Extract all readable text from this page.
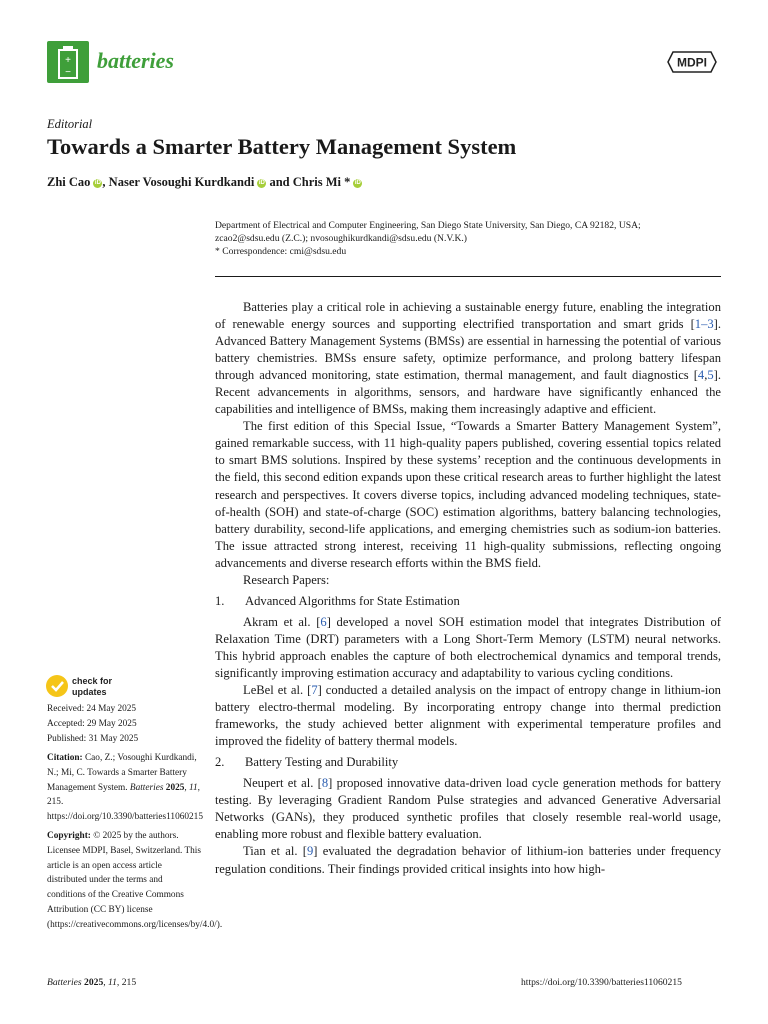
+
− batteries	MDPI
Editorial
Towards a Smarter Battery Management System
Zhi Cao iD , Naser Vosoughi Kurdkandi iD and Chris Mi * iD
Department of Electrical and Computer Engineering, San Diego State University, San Diego, CA 92182, USA;
zcao2@sdsu.edu (Z.C.); nvosoughikurdkandi@sdsu.edu (N.V.K.)
* Correspondence: cmi@sdsu.edu

Batteries play a critical role in achieving a sustainable energy future, enabling the integration of renewable energy sources and supporting electrified transportation and smart grids [1–3]. Advanced Battery Management Systems (BMSs) are essential in harnessing the potential of various battery chemistries. BMSs ensure safety, optimize performance, and prolong battery lifespan through advanced monitoring, state estimation, thermal management, and fault diagnostics [4,5]. Recent advancements in algorithms, sensors, and hardware have significantly enhanced the capabilities and intelligence of BMSs, making them increasingly adaptive and efficient.

The first edition of this Special Issue, “Towards a Smarter Battery Management System”, gained remarkable success, with 11 high-quality papers published, covering essential topics related to smart BMS solutions. Inspired by these systems’ reception and the continuous developments in the field, this second edition expands upon these critical research areas to further highlight the latest research and perspectives. It covers diverse topics, including advanced modeling techniques, state-of-health (SOH) and state-of-charge (SOC) estimation algorithms, battery balancing technologies, battery durability, second-life applications, and emerging chemistries such as sodium-ion batteries. The issue attracted strong interest, receiving 11 high-quality submissions, reflecting ongoing advancements and diverse research efforts within the BMS field.

Research Papers:

1. Advanced Algorithms for State Estimation

Akram et al. [6] developed a novel SOH estimation model that integrates Distribution of Relaxation Time (DRT) parameters with a Long Short-Term Memory (LSTM) neural networks. This hybrid approach enables the capture of both electrochemical dynamics and temporal trends, significantly improving estimation accuracy and adaptability to various cycling conditions.

LeBel et al. [7] conducted a detailed analysis on the impact of entropy change in lithium-ion battery electro-thermal modeling. By incorporating entropy change into thermal prediction frameworks, the study achieved better alignment with experimental temperature profiles and improved the fidelity of battery thermal models.

2. Battery Testing and Durability

Neupert et al. [8] proposed innovative data-driven load cycle generation methods for battery testing. By leveraging Gradient Random Pulse strategies and advanced Generative Adversarial Networks (GANs), they produced synthetic profiles that closely resemble real-world usage, enabling more robust and flexible battery evaluation.

Tian et al. [9] evaluated the degradation behavior of lithium-ion batteries under frequency regulation conditions. Their findings provided critical insights into how high-

check for
updates
Received: 24 May 2025
Accepted: 29 May 2025
Published: 31 May 2025
Citation: Cao, Z.; Vosoughi Kurdkandi, N.; Mi, C. Towards a Smarter Battery Management System. Batteries 2025, 11, 215. https://doi.org/10.3390/batteries11060215
Copyright: © 2025 by the authors. Licensee MDPI, Basel, Switzerland. This article is an open access article distributed under the terms and conditions of the Creative Commons Attribution (CC BY) license (https://creativecommons.org/licenses/by/4.0/).
Batteries 2025, 11, 215	https://doi.org/10.3390/batteries11060215
